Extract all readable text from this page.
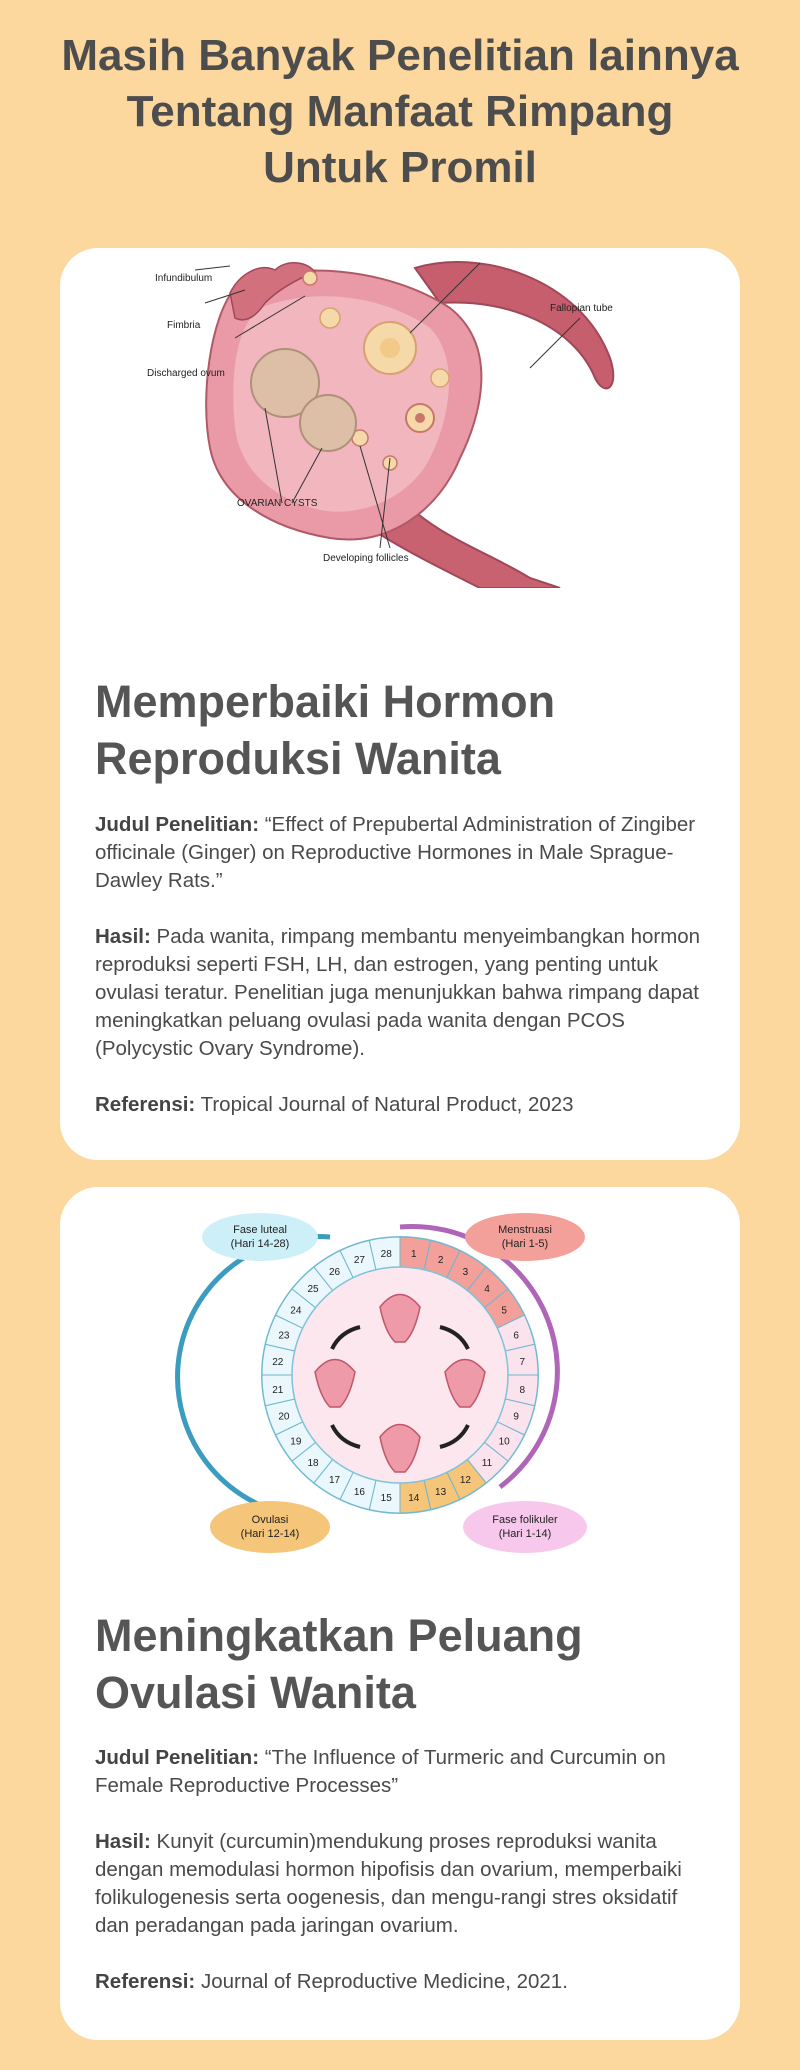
Masih Banyak Penelitian lainnya Tentang Manfaat Rimpang Untuk Promil
Infundibulum
Fimbria
Discharged ovum
Fallopian tube
OVARIAN CYSTS
Developing follicles
Memperbaiki Hormon Reproduksi Wanita

Judul Penelitian: “Effect of Prepubertal Administration of Zingiber officinale (Ginger) on Reproductive Hormones in Male Sprague-Dawley Rats.”

Hasil: Pada wanita, rimpang membantu menyeimbangkan hormon reproduksi seperti FSH, LH, dan estrogen, yang penting untuk ovulasi teratur. Penelitian juga menunjukkan bahwa rimpang dapat meningkatkan peluang ovulasi pada wanita dengan PCOS (Polycystic Ovary Syndrome).

Referensi: Tropical Journal of Natural Product, 2023

1
2
3
4
5
6
7
8
9
10
11
12
13
14
15
16
17
18
19
20
21
22
23
24
25
26
27
28
Fase luteal
(Hari 14-28)
Menstruasi
(Hari 1-5)
Ovulasi
(Hari 12-14)
Fase folikuler
(Hari 1-14)
Meningkatkan Peluang Ovulasi Wanita

Judul Penelitian: “The Influence of Turmeric and Curcumin on Female Reproductive Processes”

Hasil: Kunyit (curcumin)mendukung proses reproduksi wanita dengan memodulasi hormon hipofisis dan ovarium, memperbaiki folikulogenesis serta oogenesis, dan mengu-rangi stres oksidatif dan peradangan pada jaringan ovarium.

Referensi: Journal of Reproductive Medicine, 2021.
